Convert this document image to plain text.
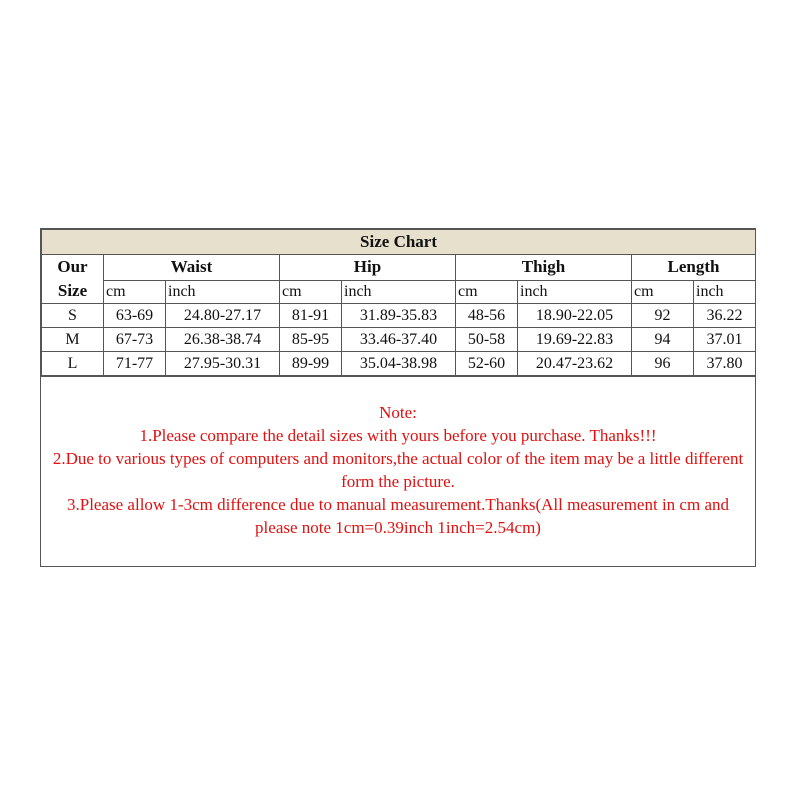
Size Chart								

Our
Size	Waist		Hip		Thigh		Length	
	cm	inch	cm	inch	cm	inch	cm	inch
S	63-69	24.80-27.17	81-91	31.89-35.83	48-56	18.90-22.05	92	36.22
M	67-73	26.38-38.74	85-95	33.46-37.40	50-58	19.69-22.83	94	37.01
L	71-77	27.95-30.31	89-99	35.04-38.98	52-60	20.47-23.62	96	37.80
Note:
1.Please compare the detail sizes with yours before you purchase. Thanks!!!
2.Due to various types of computers and monitors,the actual color of the item may be a little different form the picture.
3.Please allow 1-3cm difference due to manual measurement.Thanks(All measurement in cm and please note 1cm=0.39inch 1inch=2.54cm)
